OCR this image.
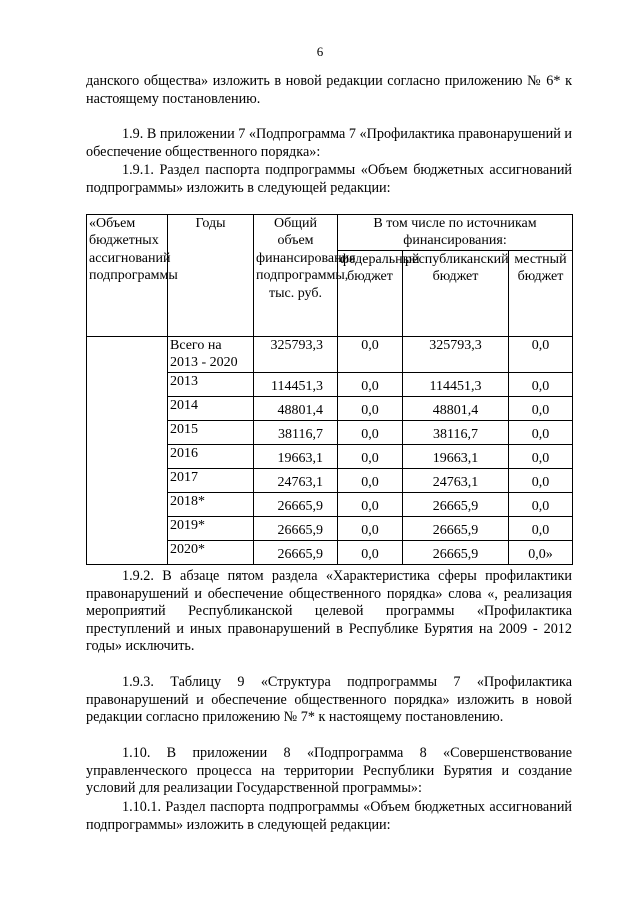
6

данского общества» изложить в новой редакции согласно приложению № 6* к настоящему постановлению.

1.9. В приложении 7 «Подпрограмма 7 «Профилактика правонарушений и обеспечение общественного порядка»:

1.9.1. Раздел паспорта подпрограммы «Объем бюджетных ассигнований подпрограммы» изложить в следующей редакции:

«Объем бюджетных ассигнований подпрограммы	Годы	Общий объем финансирования подпрограммы, тыс. руб.	В том числе по источникам финансирования:		
			федеральный бюджет	республиканский бюджет	местный бюджет
	Всего на 2013 - 2020	325793,3	0,0	325793,3	0,0
	2013	114451,3	0,0	114451,3	0,0
	2014	48801,4	0,0	48801,4	0,0
	2015	38116,7	0,0	38116,7	0,0
	2016	19663,1	0,0	19663,1	0,0
	2017	24763,1	0,0	24763,1	0,0
	2018*	26665,9	0,0	26665,9	0,0
	2019*	26665,9	0,0	26665,9	0,0
	2020*	26665,9	0,0	26665,9	0,0»

1.9.2. В абзаце пятом раздела «Характеристика сферы профилактики правонарушений и обеспечение общественного порядка» слова «, реализация мероприятий Республиканской целевой программы «Профилактика преступлений и иных правонарушений в Республике Бурятия на 2009 - 2012 годы» исключить.

1.9.3. Таблицу 9 «Структура подпрограммы 7 «Профилактика правонарушений и обеспечение общественного порядка» изложить в новой редакции согласно приложению № 7* к настоящему постановлению.

1.10. В приложении 8 «Подпрограмма 8 «Совершенствование управленческого процесса на территории Республики Бурятия и создание условий для реализации Государственной программы»:

1.10.1. Раздел паспорта подпрограммы «Объем бюджетных ассигнований подпрограммы» изложить в следующей редакции:
